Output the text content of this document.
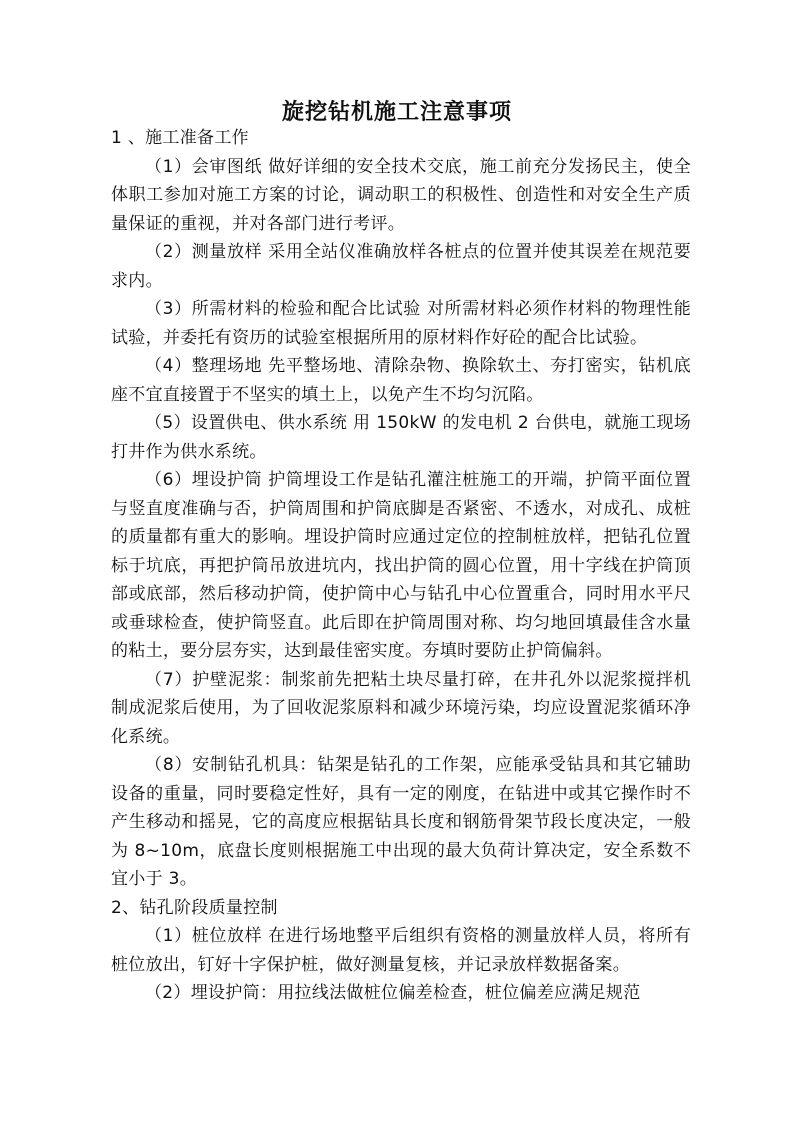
旋挖钻机施工注意事项

1 、施工准备工作

（1）会审图纸 做好详细的安全技术交底，施工前充分发扬民主，使全体职工参加对施工方案的讨论，调动职工的积极性、创造性和对安全生产质量保证的重视，并对各部门进行考评。

（2）测量放样 采用全站仪准确放样各桩点的位置并使其误差在规范要求内。

（3）所需材料的检验和配合比试验 对所需材料必须作材料的物理性能试验，并委托有资历的试验室根据所用的原材料作好砼的配合比试验。

（4）整理场地 先平整场地、清除杂物、换除软土、夯打密实，钻机底座不宜直接置于不坚实的填土上，以免产生不均匀沉陷。

（5）设置供电、供水系统 用 150kW 的发电机 2 台供电，就施工现场打井作为供水系统。

（6）埋设护筒 护筒埋设工作是钻孔灌注桩施工的开端，护筒平面位置与竖直度准确与否，护筒周围和护筒底脚是否紧密、不透水，对成孔、成桩的质量都有重大的影响。埋设护筒时应通过定位的控制桩放样，把钻孔位置标于坑底，再把护筒吊放进坑内，找出护筒的圆心位置，用十字线在护筒顶部或底部，然后移动护筒，使护筒中心与钻孔中心位置重合，同时用水平尺或垂球检查，使护筒竖直。此后即在护筒周围对称、均匀地回填最佳含水量的粘土，要分层夯实，达到最佳密实度。夯填时要防止护筒偏斜。

（7）护壁泥浆：制浆前先把粘土块尽量打碎，在井孔外以泥浆搅拌机制成泥浆后使用，为了回收泥浆原料和减少环境污染，均应设置泥浆循环净化系统。

（8）安制钻孔机具：钻架是钻孔的工作架，应能承受钻具和其它辅助设备的重量，同时要稳定性好，具有一定的刚度，在钻进中或其它操作时不产生移动和摇晃，它的高度应根据钻具长度和钢筋骨架节段长度决定，一般为 8~10m，底盘长度则根据施工中出现的最大负荷计算决定，安全系数不宜小于 3。

2、钻孔阶段质量控制

（1）桩位放样 在进行场地整平后组织有资格的测量放样人员，将所有桩位放出，钉好十字保护桩，做好测量复核，并记录放样数据备案。

（2）埋设护筒：用拉线法做桩位偏差检查，桩位偏差应满足规范
